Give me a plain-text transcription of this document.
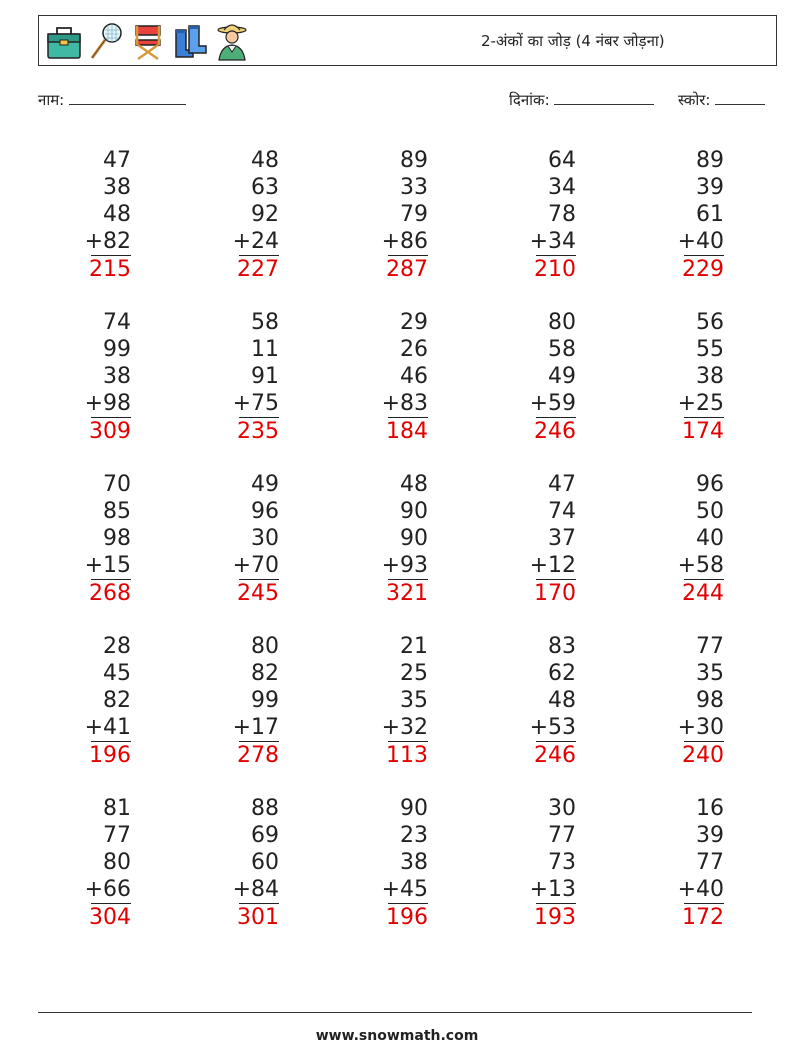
2-अंकों का जोड़ (4 नंबर जोड़ना)
नाम:	दिनांक:	स्कोर:
47
38
48
+82
215
48
63
92
+24
227
89
33
79
+86
287
64
34
78
+34
210
89
39
61
+40
229
74
99
38
+98
309
58
11
91
+75
235
29
26
46
+83
184
80
58
49
+59
246
56
55
38
+25
174
70
85
98
+15
268
49
96
30
+70
245
48
90
90
+93
321
47
74
37
+12
170
96
50
40
+58
244
28
45
82
+41
196
80
82
99
+17
278
21
25
35
+32
113
83
62
48
+53
246
77
35
98
+30
240
81
77
80
+66
304
88
69
60
+84
301
90
23
38
+45
196
30
77
73
+13
193
16
39
77
+40
172
www.snowmath.com
